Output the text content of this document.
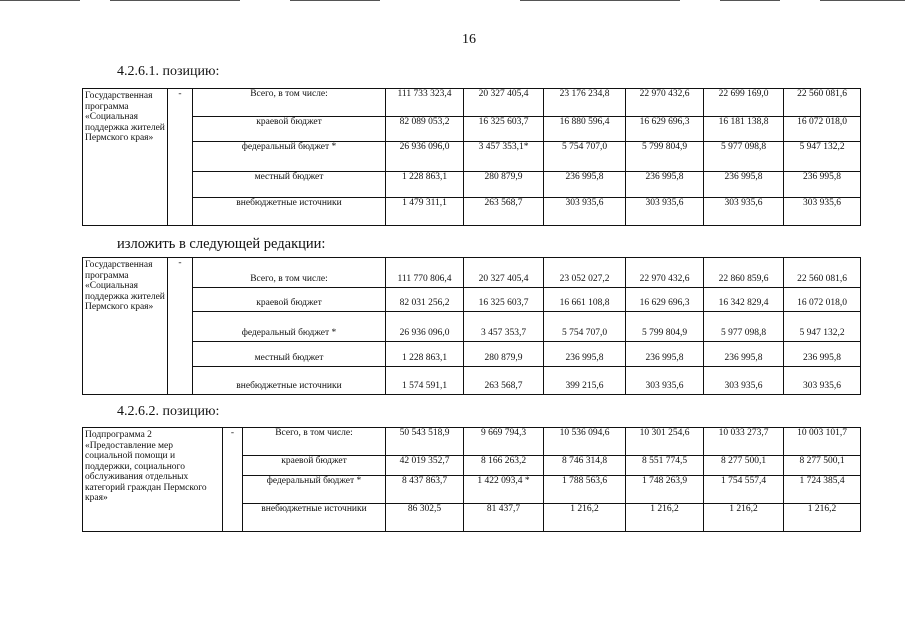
16
4.2.6.1. позицию:
Государственная программа «Социальная поддержка жителей Пермского края»	-	Всего, в том числе:	111 733 323,4	20 327 405,4	23 176 234,8	22 970 432,6	22 699 169,0	22 560 081,6
		краевой бюджет	82 089 053,2	16 325 603,7	16 880 596,4	16 629 696,3	16 181 138,8	16 072 018,0
		федеральный бюджет *	26 936 096,0	3 457 353,1*	5 754 707,0	5 799 804,9	5 977 098,8	5 947 132,2
		местный бюджет	1 228 863,1	280 879,9	236 995,8	236 995,8	236 995,8	236 995,8
		внебюджетные источники	1 479 311,1	263 568,7	303 935,6	303 935,6	303 935,6	303 935,6
изложить в следующей редакции:
Государственная программа «Социальная поддержка жителей Пермского края»	-	Всего, в том числе:	111 770 806,4	20 327 405,4	23 052 027,2	22 970 432,6	22 860 859,6	22 560 081,6
		краевой бюджет	82 031 256,2	16 325 603,7	16 661 108,8	16 629 696,3	16 342 829,4	16 072 018,0
		федеральный бюджет *	26 936 096,0	3 457 353,7	5 754 707,0	5 799 804,9	5 977 098,8	5 947 132,2
		местный бюджет	1 228 863,1	280 879,9	236 995,8	236 995,8	236 995,8	236 995,8
		внебюджетные источники	1 574 591,1	263 568,7	399 215,6	303 935,6	303 935,6	303 935,6
4.2.6.2. позицию:
Подпрограмма 2 «Предоставление мер социальной помощи и поддержки, социального обслуживания отдельных категорий граждан Пермского края»	-	Всего, в том числе:	50 543 518,9	9 669 794,3	10 536 094,6	10 301 254,6	10 033 273,7	10 003 101,7
		краевой бюджет	42 019 352,7	8 166 263,2	8 746 314,8	8 551 774,5	8 277 500,1	8 277 500,1
		федеральный бюджет *	8 437 863,7	1 422 093,4 *	1 788 563,6	1 748 263,9	1 754 557,4	1 724 385,4
		внебюджетные источники	86 302,5	81 437,7	1 216,2	1 216,2	1 216,2	1 216,2
